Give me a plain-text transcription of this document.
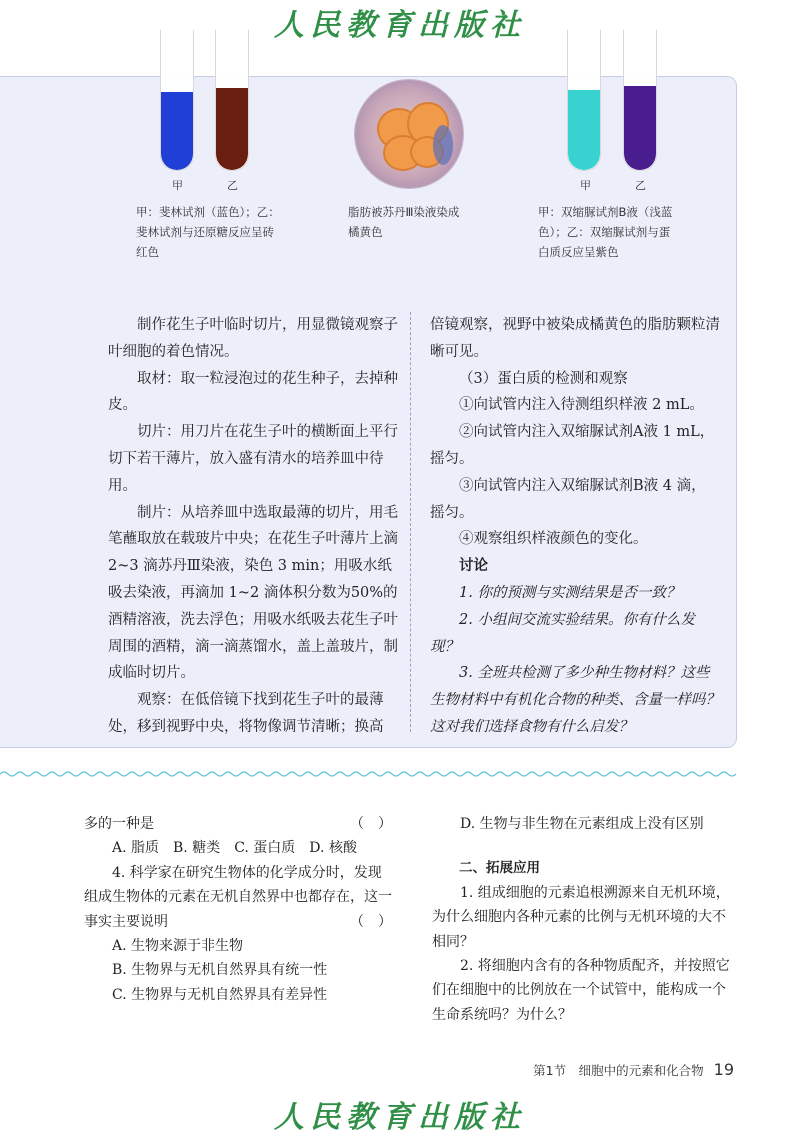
人民教育出版社
甲	乙	甲	乙
甲：斐林试剂（蓝色）；乙：
斐林试剂与还原糖反应呈砖
红色
脂肪被苏丹Ⅲ染液染成
橘黄色
甲：双缩脲试剂B液（浅蓝
色）；乙：双缩脲试剂与蛋
白质反应呈紫色

制作花生子叶临时切片，用显微镜观察子叶细胞的着色情况。

取材：取一粒浸泡过的花生种子，去掉种皮。

切片：用刀片在花生子叶的横断面上平行切下若干薄片，放入盛有清水的培养皿中待用。

制片：从培养皿中选取最薄的切片，用毛笔蘸取放在载玻片中央；在花生子叶薄片上滴 2~3 滴苏丹Ⅲ染液，染色 3 min；用吸水纸吸去染液，再滴加 1~2 滴体积分数为50%的酒精溶液，洗去浮色；用吸水纸吸去花生子叶周围的酒精，滴一滴蒸馏水，盖上盖玻片，制成临时切片。

观察：在低倍镜下找到花生子叶的最薄处，移到视野中央，将物像调节清晰；换高

倍镜观察，视野中被染成橘黄色的脂肪颗粒清晰可见。

（3）蛋白质的检测和观察

①向试管内注入待测组织样液 2 mL。

②向试管内注入双缩脲试剂A液 1 mL，摇匀。

③向试管内注入双缩脲试剂B液 4 滴，摇匀。

④观察组织样液颜色的变化。

讨论

1. 你的预测与实测结果是否一致？

2. 小组间交流实验结果。你有什么发现？

3. 全班共检测了多少种生物材料？这些生物材料中有机化合物的种类、含量一样吗？这对我们选择食物有什么启发？

多的一种是	（　）

A. 脂质　B. 糖类　C. 蛋白质　D. 核酸

4. 科学家在研究生物体的化学成分时，发现组成生物体的元素在无机自然界中也都存在，这一事实主要说明	（　）

A. 生物来源于非生物

B. 生物界与无机自然界具有统一性

C. 生物界与无机自然界具有差异性

D. 生物与非生物在元素组成上没有区别

二、拓展应用

1. 组成细胞的元素追根溯源来自无机环境，为什么细胞内各种元素的比例与无机环境的大不相同？

2. 将细胞内含有的各种物质配齐，并按照它们在细胞中的比例放在一个试管中，能构成一个生命系统吗？为什么？

第1节　细胞中的元素和化合物 19
人民教育出版社
